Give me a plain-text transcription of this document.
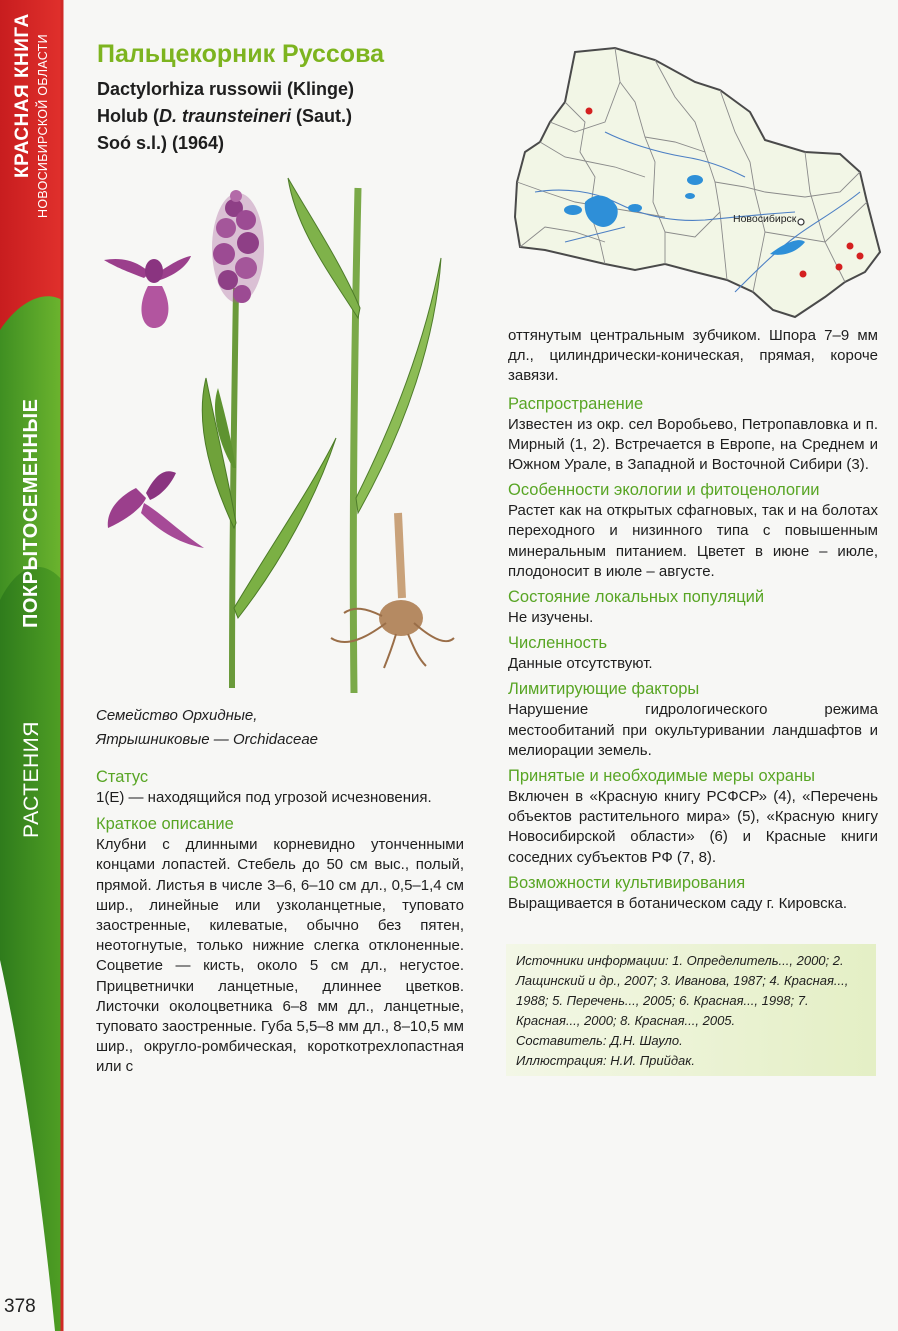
КРАСНАЯ КНИГА НОВОСИБИРСКОЙ ОБЛАСТИ
ПОКРЫТОСЕМЕННЫЕ
РАСТЕНИЯ
378
Пальцекорник Руссова
Dactylorhiza russowii (Klinge)
Holub (D. traunsteineri (Saut.)
Soó s.l.) (1964)
Новосибирск
Семейство Орхидные,
Ятрышниковые — Orchidaceae
Статус

1(E) — находящийся под угрозой исчезновения.

Краткое описание

Клубни с длинными корневидно утонченными концами лопастей. Стебель до 50 см выс., полый, прямой. Листья в числе 3–6, 6–10 см дл., 0,5–1,4 см шир., линейные или узколанцетные, туповато заостренные, килеватые, обычно без пятен, неотогнутые, только нижние слегка отклоненные. Соцветие — кисть, около 5 см дл., негустое. Прицветнички ланцетные, длиннее цветков. Листочки околоцветника 6–8 мм дл., ланцетные, туповато заостренные. Губа 5,5–8 мм дл., 8–10,5 мм шир., округло-ромбическая, короткотрехлопастная или с

оттянутым центральным зубчиком. Шпора 7–9 мм дл., цилиндрически-коническая, прямая, короче завязи.

Распространение

Известен из окр. сел Воробьево, Петропавловка и п. Мирный (1, 2). Встречается в Европе, на Среднем и Южном Урале, в Западной и Восточной Сибири (3).

Особенности экологии и фитоценологии

Растет как на открытых сфагновых, так и на болотах переходного и низинного типа с повышенным минеральным питанием. Цветет в июне – июле, плодоносит в июле – августе.

Состояние локальных популяций

Не изучены.

Численность

Данные отсутствуют.

Лимитирующие факторы

Нарушение гидрологического режима местообитаний при окультуривании ландшафтов и мелиорации земель.

Принятые и необходимые меры охраны

Включен в «Красную книгу РСФСР» (4), «Перечень объектов растительного мира» (5), «Красную книгу Новосибирской области» (6) и Красные книги соседних субъектов РФ (7, 8).

Возможности культивирования

Выращивается в ботаническом саду г. Кировска.

Источники информации: 1. Определитель..., 2000; 2. Лащинский и др., 2007; 3. Иванова, 1987; 4. Красная..., 1988; 5. Перечень..., 2005; 6. Красная..., 1998; 7. Красная..., 2000; 8. Красная..., 2005.

Составитель: Д.Н. Шауло.

Иллюстрация: Н.И. Прийдак.
